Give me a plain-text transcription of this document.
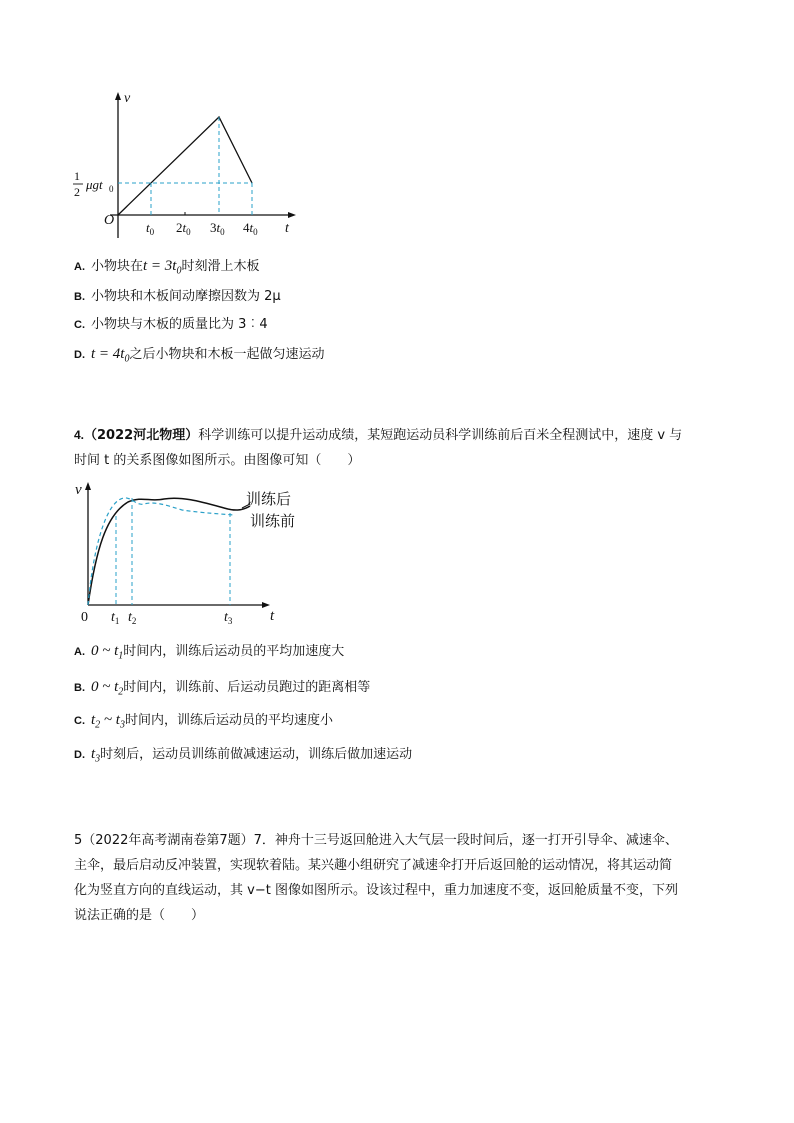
v
t
O
1
2 μgt 0
$t_0$ $2t_0$ $3t_0$ $4t_0$
A. 小物块在$t = 3t_0$时刻滑上木板
B. 小物块和木板间动摩擦因数为 2μ
C. 小物块与木板的质量比为 3︰4
D. $t = 4t_0$之后小物块和木板一起做匀速运动
4.（2022河北物理）科学训练可以提升运动成绩，某短跑运动员科学训练前后百米全程测试中，速度 v 与
时间 t 的关系图像如图所示。由图像可知（　　）
v
t
0
训练后
训练前
$t_1$ $t_2$	$t_3$
A. 0 ~ $t_1$时间内，训练后运动员的平均加速度大
B. 0 ~ $t_2$时间内，训练前、后运动员跑过的距离相等
C. $t_2$ ~ $t_3$时间内，训练后运动员的平均速度小
D. $t_3$时刻后，运动员训练前做减速运动，训练后做加速运动
5（2022年高考湖南卷第7题）7．神舟十三号返回舱进入大气层一段时间后，逐一打开引导伞、减速伞、
主伞，最后启动反冲装置，实现软着陆。某兴趣小组研究了减速伞打开后返回舱的运动情况，将其运动简
化为竖直方向的直线运动，其 v−t 图像如图所示。设该过程中，重力加速度不变，返回舱质量不变，下列
说法正确的是（　　）
